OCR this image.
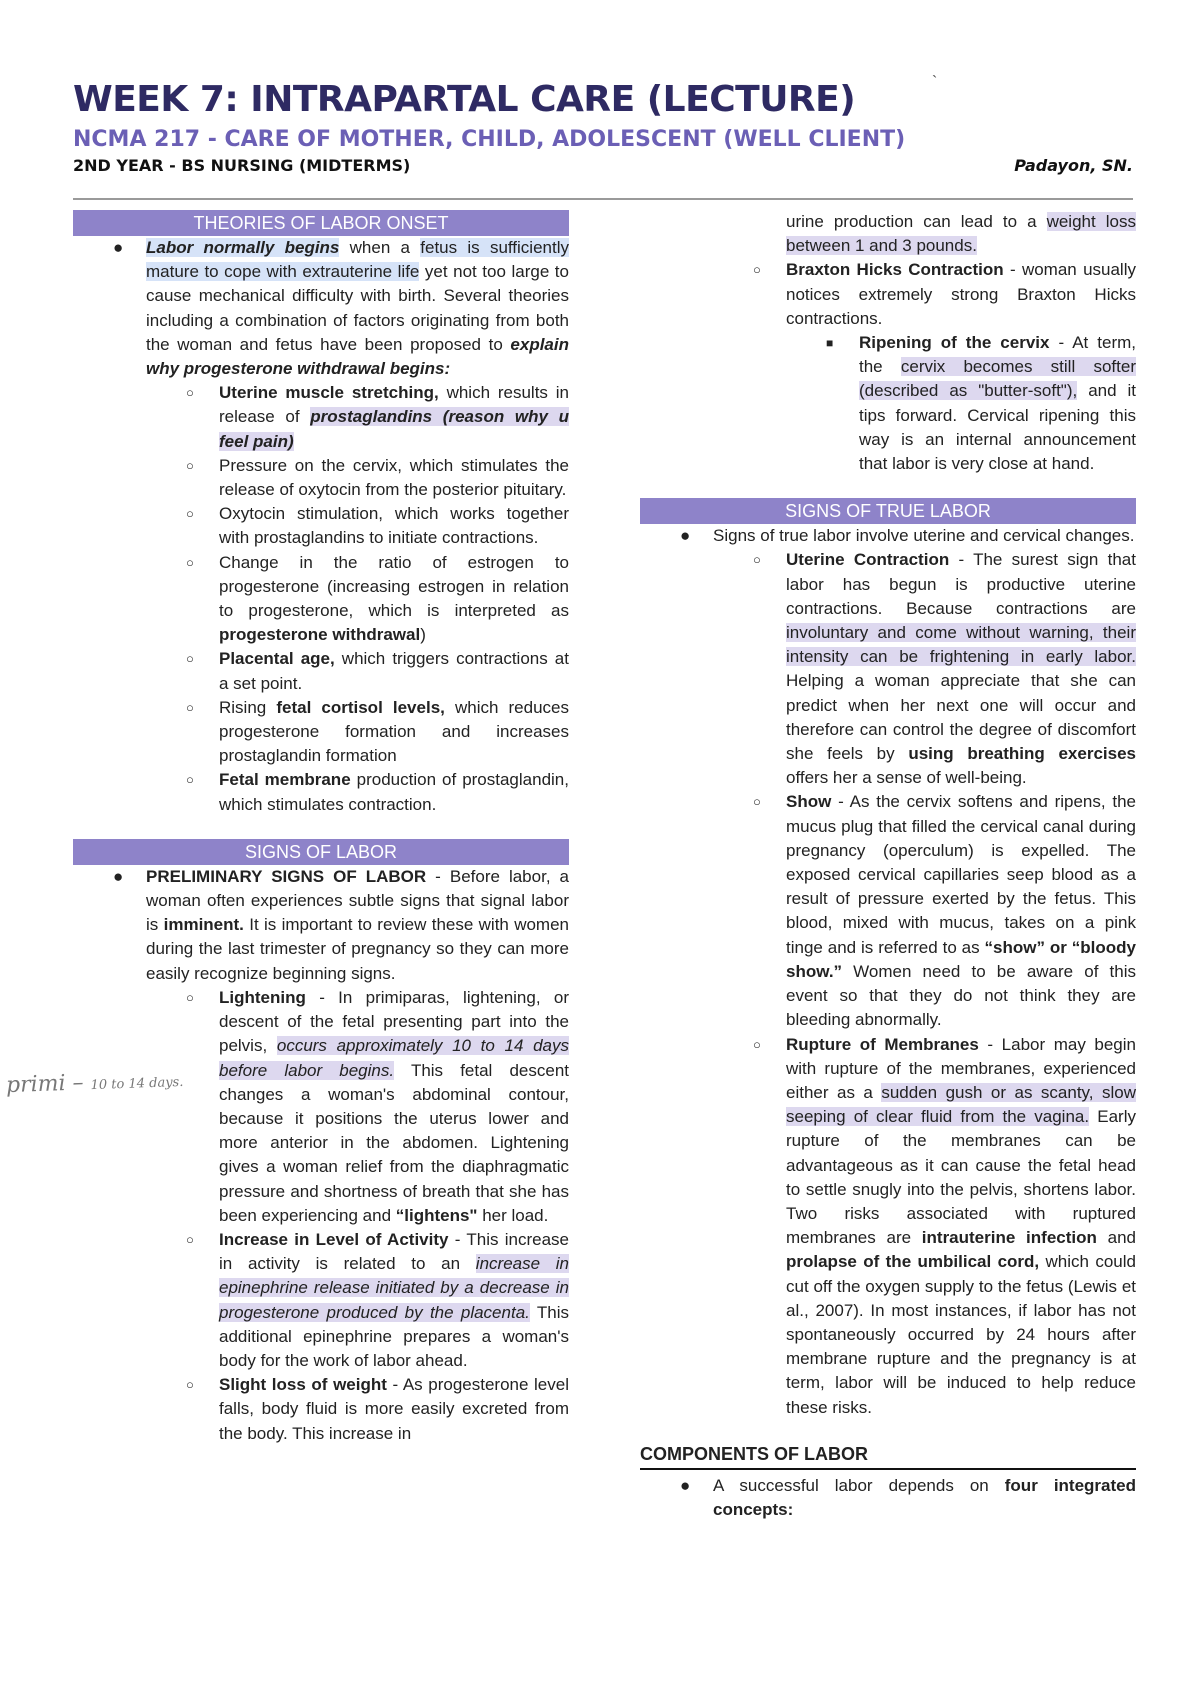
`
WEEK 7: INTRAPARTAL CARE (LECTURE)
NCMA 217 - CARE OF MOTHER, CHILD, ADOLESCENT (WELL CLIENT)
2ND YEAR - BS NURSING (MIDTERMS)	Padayon, SN.
primi – 10 to 14 days.
THEORIES OF LABOR ONSET
● Labor normally begins when a fetus is sufficiently mature to cope with extrauterine life yet not too large to cause mechanical difficulty with birth. Several theories including a combination of factors originating from both the woman and fetus have been proposed to explain why progesterone withdrawal begins:
○ Uterine muscle stretching, which results in release of prostaglandins (reason why u feel pain)
○ Pressure on the cervix, which stimulates the release of oxytocin from the posterior pituitary.
○ Oxytocin stimulation, which works together with prostaglandins to initiate contractions.
○ Change in the ratio of estrogen to progesterone (increasing estrogen in relation to progesterone, which is interpreted as progesterone withdrawal)
○ Placental age, which triggers contractions at a set point.
○ Rising fetal cortisol levels, which reduces progesterone formation and increases prostaglandin formation
○ Fetal membrane production of prostaglandin, which stimulates contraction.
SIGNS OF LABOR
● PRELIMINARY SIGNS OF LABOR - Before labor, a woman often experiences subtle signs that signal labor is imminent. It is important to review these with women during the last trimester of pregnancy so they can more easily recognize beginning signs.
○ Lightening - In primiparas, lightening, or descent of the fetal presenting part into the pelvis, occurs approximately 10 to 14 days before labor begins. This fetal descent changes a woman's abdominal contour, because it positions the uterus lower and more anterior in the abdomen. Lightening gives a woman relief from the diaphragmatic pressure and shortness of breath that she has been experiencing and “lightens" her load.
○ Increase in Level of Activity - This increase in activity is related to an increase in epinephrine release initiated by a decrease in progesterone produced by the placenta. This additional epinephrine prepares a woman's body for the work of labor ahead.
○ Slight loss of weight - As progesterone level falls, body fluid is more easily excreted from the body. This increase in
urine production can lead to a weight loss between 1 and 3 pounds.
○ Braxton Hicks Contraction - woman usually notices extremely strong Braxton Hicks contractions.
■ Ripening of the cervix - At term, the cervix becomes still softer (described as "butter-soft"), and it tips forward. Cervical ripening this way is an internal announcement that labor is very close at hand.
SIGNS OF TRUE LABOR
● Signs of true labor involve uterine and cervical changes.
○ Uterine Contraction - The surest sign that labor has begun is productive uterine contractions. Because contractions are involuntary and come without warning, their intensity can be frightening in early labor. Helping a woman appreciate that she can predict when her next one will occur and therefore can control the degree of discomfort she feels by using breathing exercises offers her a sense of well-being.
○ Show - As the cervix softens and ripens, the mucus plug that filled the cervical canal during pregnancy (operculum) is expelled. The exposed cervical capillaries seep blood as a result of pressure exerted by the fetus. This blood, mixed with mucus, takes on a pink tinge and is referred to as “show” or “bloody show.” Women need to be aware of this event so that they do not think they are bleeding abnormally.
○ Rupture of Membranes - Labor may begin with rupture of the membranes, experienced either as a sudden gush or as scanty, slow seeping of clear fluid from the vagina. Early rupture of the membranes can be advantageous as it can cause the fetal head to settle snugly into the pelvis, shortens labor. Two risks associated with ruptured membranes are intrauterine infection and prolapse of the umbilical cord, which could cut off the oxygen supply to the fetus (Lewis et al., 2007). In most instances, if labor has not spontaneously occurred by 24 hours after membrane rupture and the pregnancy is at term, labor will be induced to help reduce these risks.
COMPONENTS OF LABOR
● A successful labor depends on four integrated concepts:
